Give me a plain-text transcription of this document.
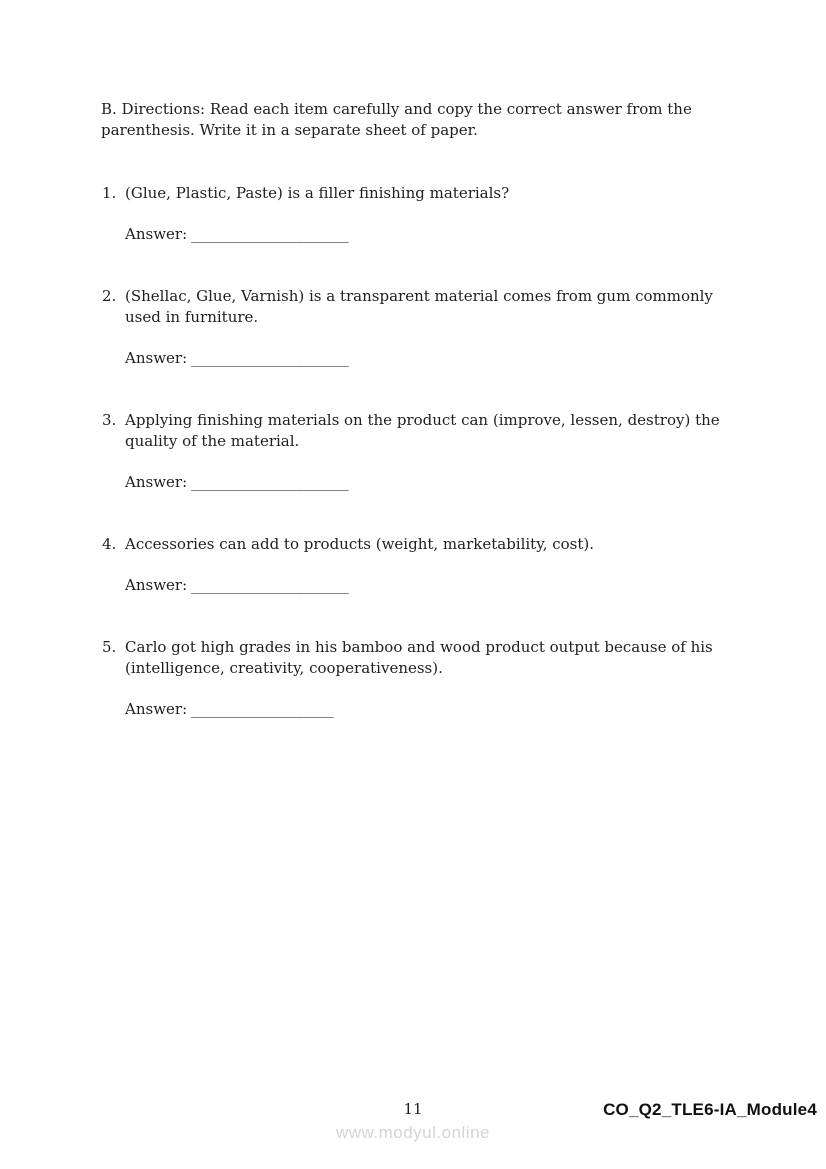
B. Directions: Read each item carefully and copy the correct answer from the
parenthesis. Write it in a separate sheet of paper.
1. (Glue, Plastic, Paste) is a filler finishing materials?
Answer: _____________________
2. (Shellac, Glue, Varnish) is a transparent material comes from gum commonly
used in furniture.
Answer: _____________________
3. Applying finishing materials on the product can (improve, lessen, destroy) the
quality of the material.
Answer: _____________________
4. Accessories can add to products (weight, marketability, cost).
Answer: _____________________
5. Carlo got high grades in his bamboo and wood product output because of his
(intelligence, creativity, cooperativeness).
Answer: ___________________
11
www.modyul.online
CO_Q2_TLE6-IA_Module4
